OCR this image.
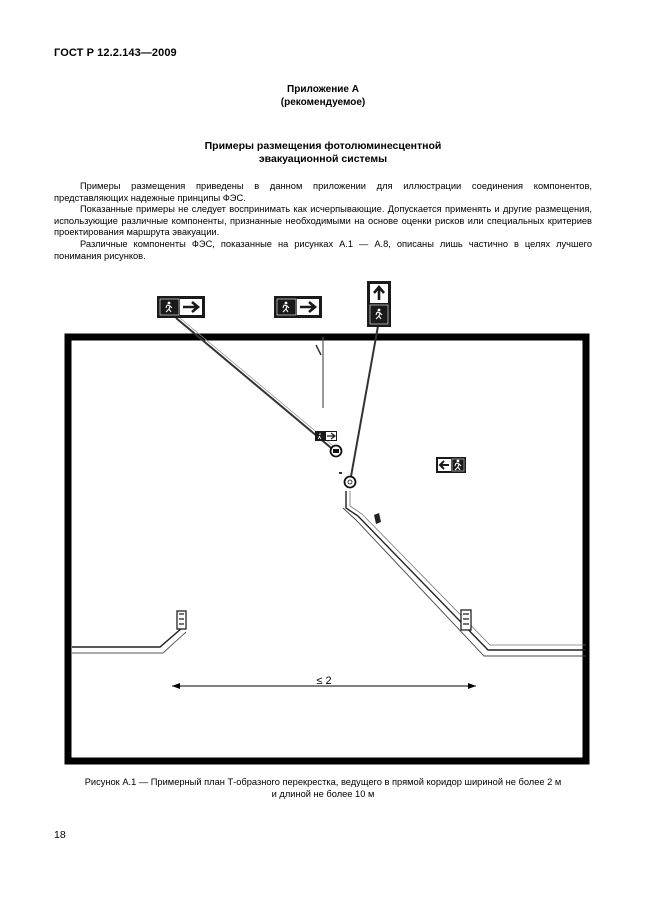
ГОСТ Р 12.2.143—2009
Приложение А
(рекомендуемое)
Примеры размещения фотолюминесцентной
эвакуационной системы

Примеры размещения приведены в данном приложении для иллюстрации соединения компонентов, представляющих надежные принципы ФЭС.

Показанные примеры не следует воспринимать как исчерпывающие. Допускается применять и другие размещения, использующие различные компоненты, признанные необходимыми на основе оценки рисков или специальных критериев проектирования маршрута эвакуации.

Различные компоненты ФЭС, показанные на рисунках А.1 — А.8, описаны лишь частично в целях лучшего понимания рисунков.

≤ 2
Рисунок А.1 — Примерный план Т-образного перекрестка, ведущего в прямой коридор шириной не более 2 м
и длиной не более 10 м
18
